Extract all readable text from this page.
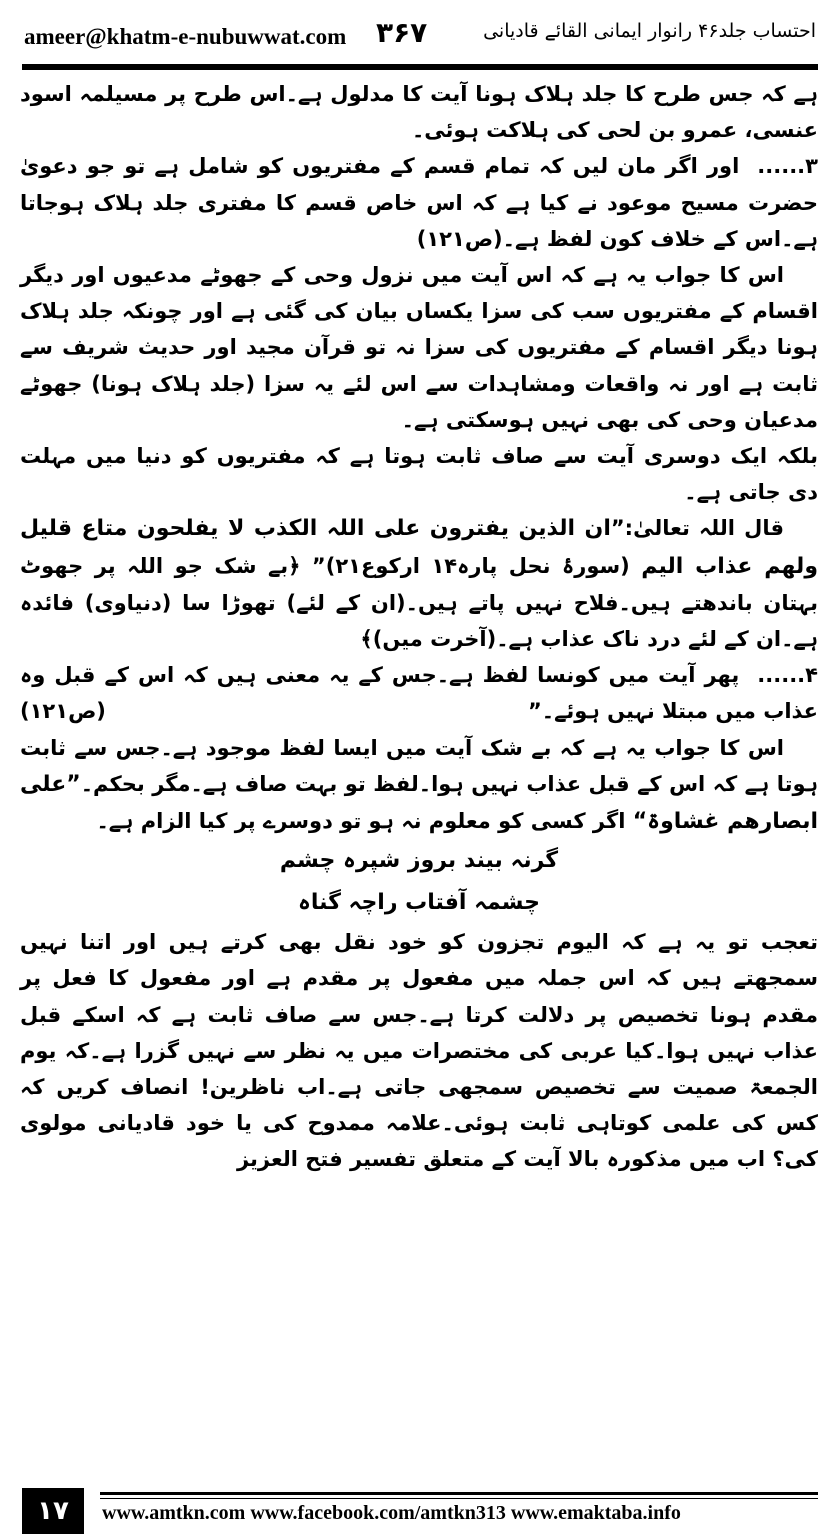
ameer@khatm-e-nubuwwat.com ۳۶۷	احتساب جلد۴۶ رانوار ایمانی القائے قادیانی

ہے کہ جس طرح کا جلد ہلاک ہونا آیت کا مدلول ہے۔اس طرح پر مسیلمہ اسود عنسی، عمرو بن لحی کی ہلاکت ہوئی۔

۳......اور اگر مان لیں کہ تمام قسم کے مفتریوں کو شامل ہے تو جو دعویٰ حضرت مسیح موعود نے کیا ہے کہ اس خاص قسم کا مفتری جلد ہلاک ہوجاتا ہے۔اس کے خلاف کون لفظ ہے۔(ص۱۲۱)

اس کا جواب یہ ہے کہ اس آیت میں نزول وحی کے جھوٹے مدعیوں اور دیگر اقسام کے مفتریوں سب کی سزا یکساں بیان کی گئی ہے اور چونکہ جلد ہلاک ہونا دیگر اقسام کے مفتریوں کی سزا نہ تو قرآن مجید اور حدیث شریف سے ثابت ہے اور نہ واقعات ومشاہدات سے اس لئے یہ سزا (جلد ہلاک ہونا) جھوٹے مدعیان وحی کی بھی نہیں ہوسکتی ہے۔

بلکہ ایک دوسری آیت سے صاف ثابت ہوتا ہے کہ مفتریوں کو دنیا میں مہلت دی جاتی ہے۔

قال اللہ تعالیٰ:”ان الذین یفترون علی اللہ الکذب لا یفلحون متاع قلیل ولھم عذاب الیم (سورۂ نحل پارہ۱۴ ارکوع۲۱)” ﴿بے شک جو اللہ پر جھوٹ بہتان باندھتے ہیں۔فلاح نہیں پاتے ہیں۔(ان کے لئے) تھوڑا سا (دنیاوی) فائدہ ہے۔ان کے لئے درد ناک عذاب ہے۔(آخرت میں)﴾

۴......پھر آیت میں کونسا لفظ ہے۔جس کے یہ معنی ہیں کہ اس کے قبل وہ عذاب میں مبتلا نہیں ہوئے۔”
(ص۱۲۱)

اس کا جواب یہ ہے کہ بے شک آیت میں ایسا لفظ موجود ہے۔جس سے ثابت ہوتا ہے کہ اس کے قبل عذاب نہیں ہوا۔لفظ تو بہت صاف ہے۔مگر بحکم۔”علی ابصارھم غشاوۃ“ اگر کسی کو معلوم نہ ہو تو دوسرے پر کیا الزام ہے۔

گرنہ بیند بروز شپرہ چشم

چشمہ آفتاب راچہ گناہ

تعجب تو یہ ہے کہ الیوم تجزون کو خود نقل بھی کرتے ہیں اور اتنا نہیں سمجھتے ہیں کہ اس جملہ میں مفعول پر مقدم ہے اور مفعول کا فعل پر مقدم ہونا تخصیص پر دلالت کرتا ہے۔جس سے صاف ثابت ہے کہ اسکے قبل عذاب نہیں ہوا۔کیا عربی کی مختصرات میں یہ نظر سے نہیں گزرا ہے۔کہ یوم الجمعۃ صمیت سے تخصیص سمجھی جاتی ہے۔اب ناظرین! انصاف کریں کہ کس کی علمی کوتاہی ثابت ہوئی۔علامہ ممدوح کی یا خود قادیانی مولوی کی؟ اب میں مذکورہ بالا آیت کے متعلق تفسیر فتح العزیز

۱۷	www.amtkn.com www.facebook.com/amtkn313 www.emaktaba.info
